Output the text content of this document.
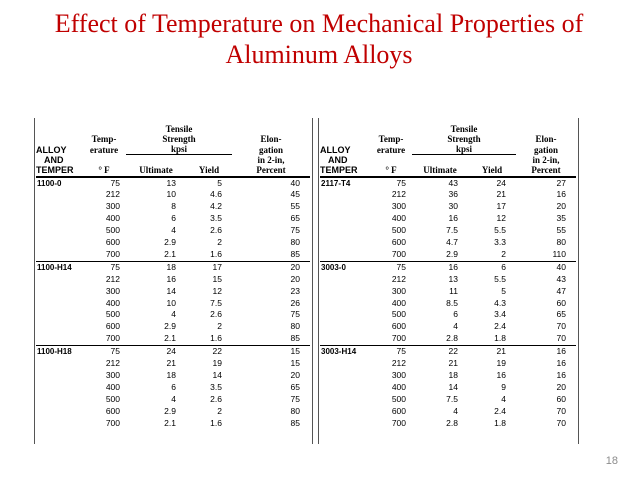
Effect of Temperature on Mechanical Properties of
Aluminum Alloys
		Tensile		
	Temp-	Strength		Elon-
ALLOY	erature	kpsi		gation
AND				in 2-in,
TEMPER	° F	Ultimate	Yield	Percent
1100-0	75	13	5	40
	212	10	4.6	45
	300	8	4.2	55
	400	6	3.5	65
	500	4	2.6	75
	600	2.9	2	80
	700	2.1	1.6	85
1100-H14	75	18	17	20
	212	16	15	20
	300	14	12	23
	400	10	7.5	26
	500	4	2.6	75
	600	2.9	2	80
	700	2.1	1.6	85
1100-H18	75	24	22	15
	212	21	19	15
	300	18	14	20
	400	6	3.5	65
	500	4	2.6	75
	600	2.9	2	80
	700	2.1	1.6	85
		Tensile		
	Temp-	Strength		Elon-
ALLOY	erature	kpsi		gation
AND				in 2-in,
TEMPER	° F	Ultimate	Yield	Percent
2117-T4	75	43	24	27
	212	36	21	16
	300	30	17	20
	400	16	12	35
	500	7.5	5.5	55
	600	4.7	3.3	80
	700	2.9	2	110
3003-0	75	16	6	40
	212	13	5.5	43
	300	11	5	47
	400	8.5	4.3	60
	500	6	3.4	65
	600	4	2.4	70
	700	2.8	1.8	70
3003-H14	75	22	21	16
	212	21	19	16
	300	18	16	16
	400	14	9	20
	500	7.5	4	60
	600	4	2.4	70
	700	2.8	1.8	70
18
